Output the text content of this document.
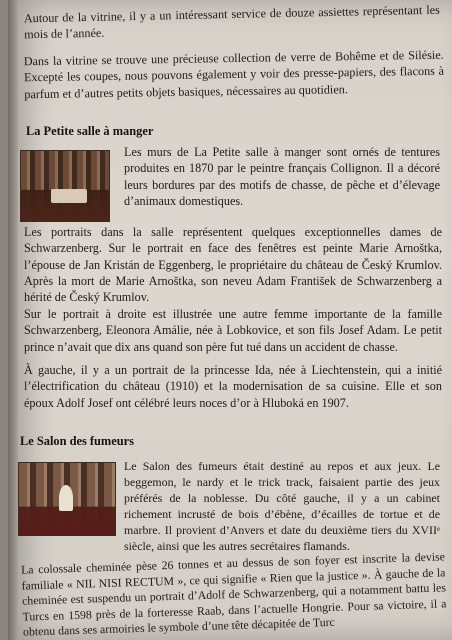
Autour de la vitrine, il y a un intéressant service de douze assiettes représentant les mois de l’année.

Dans la vitrine se trouve une précieuse collection de verre de Bohême et de Silésie. Excepté les coupes, nous pouvons également y voir des presse-papiers, des flacons à parfum et d’autres petits objets basiques, nécessaires au quotidien.

La Petite salle à manger

Les murs de La Petite salle à manger sont ornés de tentures produites en 1870 par le peintre français Collignon. Il a décoré leurs bordures par des motifs de chasse, de pêche et d’élevage d’animaux domestiques.

Les portraits dans la salle représentent quelques exceptionnelles dames de Schwarzenberg. Sur le portrait en face des fenêtres est peinte Marie Arnoštka, l’épouse de Jan Kristán de Eggenberg, le propriétaire du château de Český Krumlov. Après la mort de Marie Arnoštka, son neveu Adam František de Schwarzenberg a hérité de Český Krumlov.

Sur le portrait à droite est illustrée une autre femme importante de la famille Schwarzenberg, Eleonora Amálie, née à Lobkovice, et son fils Josef Adam. Le petit prince n’avait que dix ans quand son père fut tué dans un accident de chasse.

À gauche, il y a un portrait de la princesse Ida, née à Liechtenstein, qui a initié l’électrification du château (1910) et la modernisation de sa cuisine. Elle et son époux Adolf Josef ont célébré leurs noces d’or à Hluboká en 1907.

Le Salon des fumeurs

Le Salon des fumeurs était destiné au repos et aux jeux. Le beggemon, le nardy et le trick track, faisaient partie des jeux préférés de la noblesse. Du côté gauche, il y a un cabinet richement incrusté de bois d’ébène, d’écailles de tortue et de marbre. Il provient d’Anvers et date du deuxième tiers du XVIIᵉ siècle, ainsi que les autres secrétaires flamands.

La colossale cheminée pèse 26 tonnes et au dessus de son foyer est inscrite la devise familiale « NIL NISI RECTUM », ce qui signifie « Rien que la justice ». À gauche de la cheminée est suspendu un portrait d’Adolf de Schwarzenberg, qui a notamment battu les Turcs en 1598 près de la forteresse Raab, dans l’actuelle Hongrie. Pour sa victoire, il a obtenu dans ses armoiries le symbole d’une tête décapitée de Turc
